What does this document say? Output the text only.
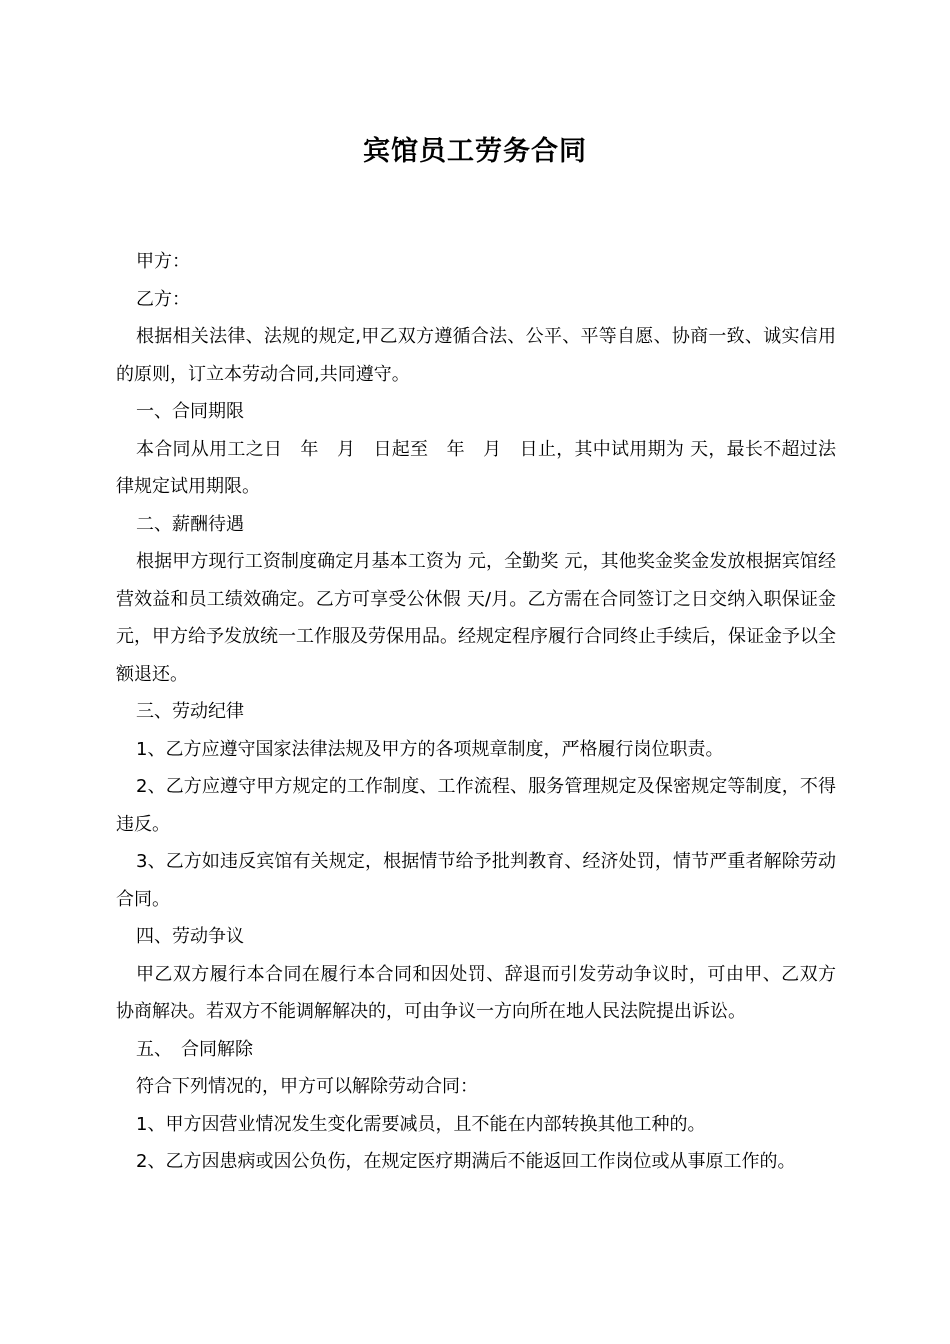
宾馆员工劳务合同

甲方：

乙方：

根据相关法律、法规的规定,甲乙双方遵循合法、公平、平等自愿、协商一致、诚实信用的原则，订立本劳动合同,共同遵守。

一、合同期限

本合同从用工之日　年　月　日起至　年　月　日止，其中试用期为 天，最长不超过法律规定试用期限。

二、薪酬待遇

根据甲方现行工资制度确定月基本工资为 元，全勤奖 元，其他奖金奖金发放根据宾馆经营效益和员工绩效确定。乙方可享受公休假 天/月。乙方需在合同签订之日交纳入职保证金 元，甲方给予发放统一工作服及劳保用品。经规定程序履行合同终止手续后，保证金予以全额退还。

三、劳动纪律

1、乙方应遵守国家法律法规及甲方的各项规章制度，严格履行岗位职责。

2、乙方应遵守甲方规定的工作制度、工作流程、服务管理规定及保密规定等制度，不得违反。

3、乙方如违反宾馆有关规定，根据情节给予批判教育、经济处罚，情节严重者解除劳动合同。

四、劳动争议

甲乙双方履行本合同在履行本合同和因处罚、辞退而引发劳动争议时，可由甲、乙双方协商解决。若双方不能调解解决的，可由争议一方向所在地人民法院提出诉讼。

五、　合同解除

符合下列情况的，甲方可以解除劳动合同：

1、甲方因营业情况发生变化需要减员，且不能在内部转换其他工种的。

2、乙方因患病或因公负伤，在规定医疗期满后不能返回工作岗位或从事原工作的。
